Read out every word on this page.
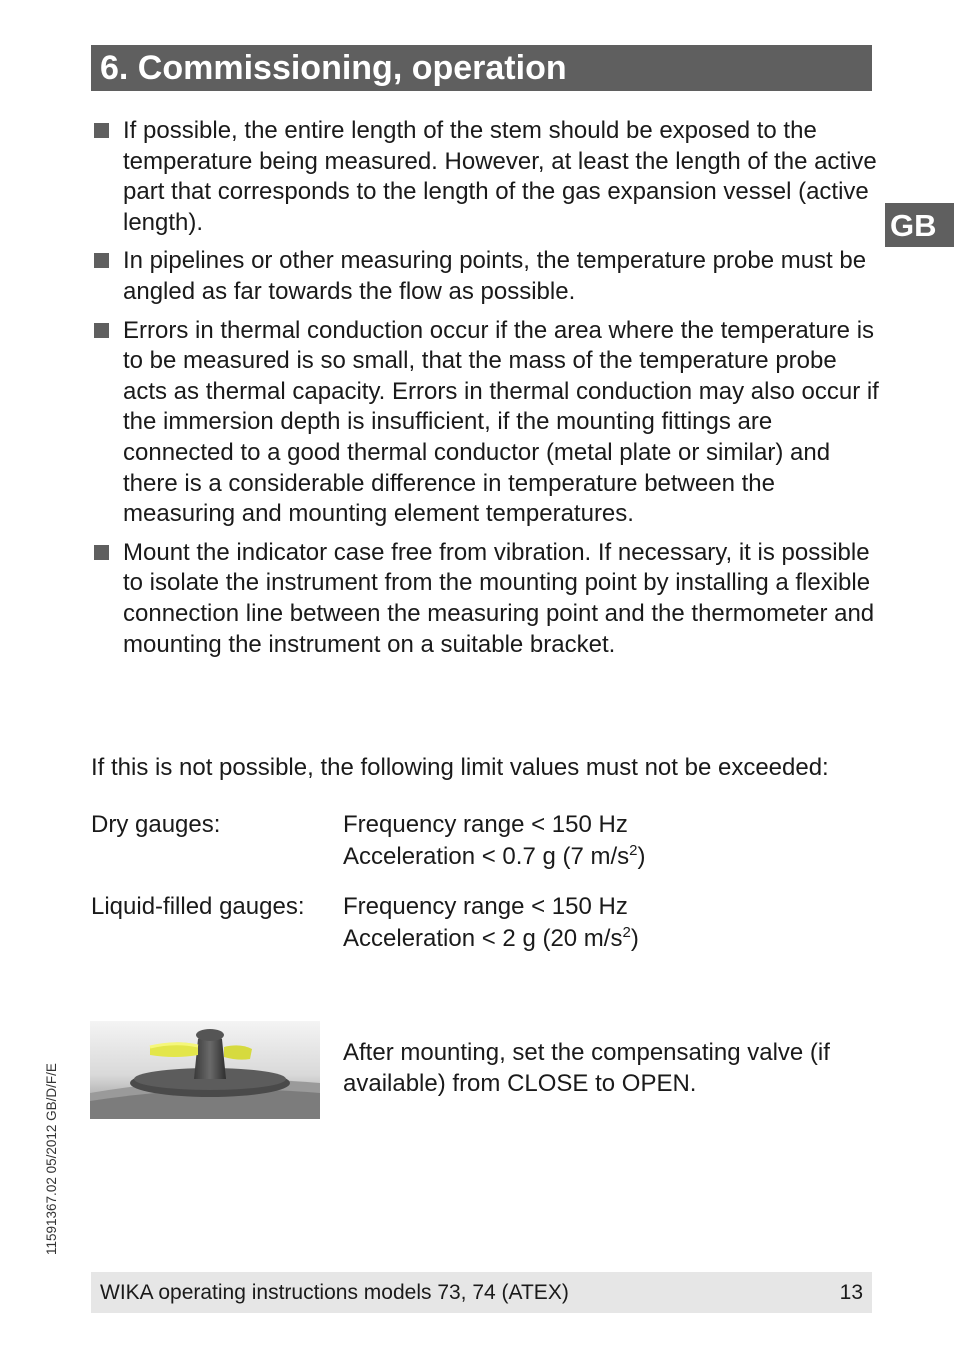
6. Commissioning, operation
GB
If possible, the entire length of the stem should be exposed to the temperature being measured. However, at least the length of the active part that corresponds to the length of the gas expansion vessel (active length).
In pipelines or other measuring points, the temperature probe must be angled as far towards the flow as possible.
Errors in thermal conduction occur if the area where the temperature is to be measured is so small, that the mass of the temperature probe acts as thermal capacity. Errors in thermal conduction may also occur if the immersion depth is insufficient, if the mounting fittings are connected to a good thermal conductor (metal plate or similar) and there is a considerable difference in temperature between the measuring and mounting element temperatures.
Mount the indicator case free from vibration. If necessary, it is possible to isolate the instrument from the mounting point by installing a flexible connection line between the measuring point and the thermometer and mounting the instrument on a suitable bracket.

If this is not possible, the following limit values must not be exceeded:

Dry gauges:	Frequency range < 150 Hz
Acceleration < 0.7 g (7 $m/s^2$)
Liquid-filled gauges: Frequency range < 150 Hz
Acceleration < 2 g (20 $m/s^2$)

After mounting, set the compensating valve (if available) from CLOSE to OPEN.

11591367.02 05/2012 GB/D/F/E
WIKA operating instructions models 73, 74 (ATEX)	13
